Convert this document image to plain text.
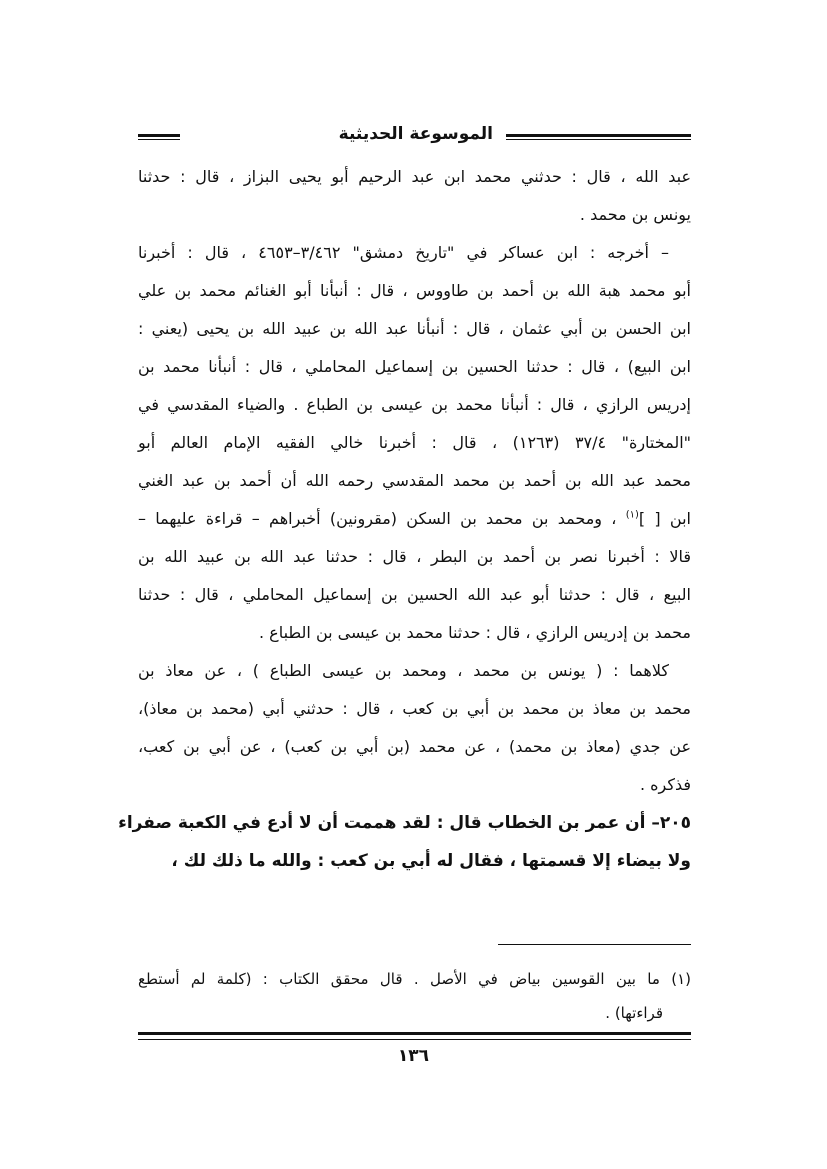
الموسوعة الحديثية
عبد الله ، قال : حدثني محمد ابن عبد الرحيم أبو يحيى البزاز ، قال : حدثنا
يونس بن محمد .
– أخرجه : ابن عساكر في "تاريخ دمشق" ٣/٤٦٢–٤٦٥٣ ، قال : أخبرنا
أبو محمد هبة الله بن أحمد بن طاووس ، قال : أنبأنا أبو الغنائم محمد بن علي
ابن الحسن بن أبي عثمان ، قال : أنبأنا عبد الله بن عبيد الله بن يحيى (يعني :
ابن البيع) ، قال : حدثنا الحسين بن إسماعيل المحاملي ، قال : أنبأنا محمد بن
إدريس الرازي ، قال : أنبأنا محمد بن عيسى بن الطباع . والضياء المقدسي في
"المختارة" ٣٧/٤ (١٢٦٣) ، قال : أخبرنا خالي الفقيه الإمام العالم أبو
محمد عبد الله بن أحمد بن محمد المقدسي رحمه الله أن أحمد بن عبد الغني
ابن [ ]$^{(١)}$ ، ومحمد بن محمد بن السكن (مقرونين) أخبراهم – قراءة عليهما –
قالا : أخبرنا نصر بن أحمد بن البطر ، قال : حدثنا عبد الله بن عبيد الله بن
البيع ، قال : حدثنا أبو عبد الله الحسين بن إسماعيل المحاملي ، قال : حدثنا
محمد بن إدريس الرازي ، قال : حدثنا محمد بن عيسى بن الطباع .
كلاهما : ( يونس بن محمد ، ومحمد بن عيسى الطباع ) ، عن معاذ بن
محمد بن معاذ بن محمد بن أبي بن كعب ، قال : حدثني أبي (محمد بن معاذ)،
عن جدي (معاذ بن محمد) ، عن محمد (بن أبي بن كعب) ، عن أبي بن كعب،
فذكره .
٢٠٥– أن عمر بن الخطاب قال : لقد هممت أن لا أدع في الكعبة صفراء
ولا بيضاء إلا قسمتها ، فقال له أبي بن كعب : والله ما ذلك لك ،
(١) ما بين القوسين بياض في الأصل . قال محقق الكتاب : (كلمة لم أستطع
قراءتها) .
١٣٦
